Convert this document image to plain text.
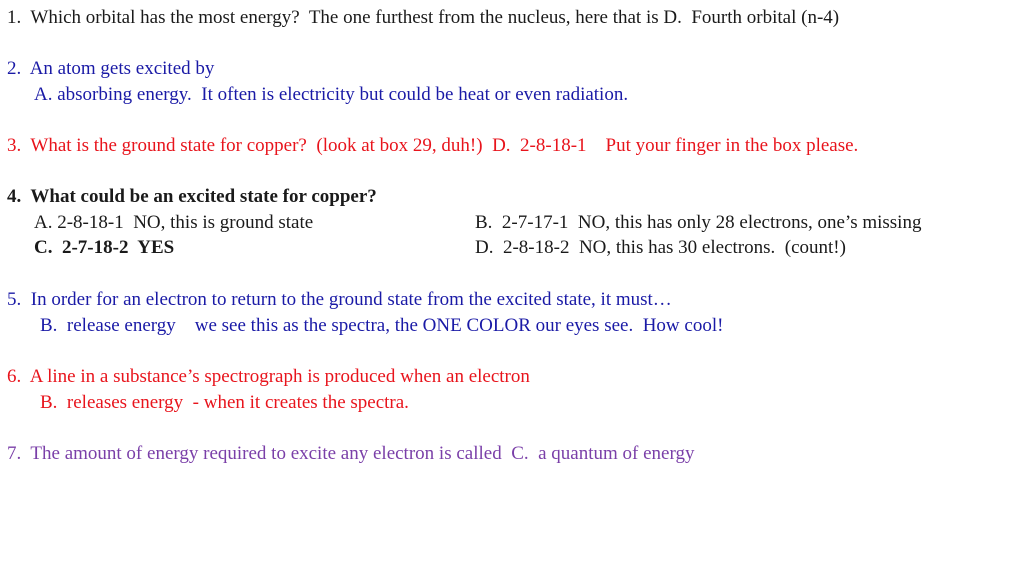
1.  Which orbital has the most energy?  The one furthest from the nucleus, here that is D.  Fourth orbital (n-4)
2.  An atom gets excited by
A. absorbing energy.  It often is electricity but could be heat or even radiation.
3.  What is the ground state for copper?  (look at box 29, duh!)  D.  2-8-18-1    Put your finger in the box please.
4.  What could be an excited state for copper?
A. 2-8-18-1  NO, this is ground state	B.  2-7-17-1  NO, this has only 28 electrons, one’s missing
C.  2-7-18-2  YES	D.  2-8-18-2  NO, this has 30 electrons.  (count!)
5.  In order for an electron to return to the ground state from the excited state, it must…
B.  release energy    we see this as the spectra, the ONE COLOR our eyes see.  How cool!
6.  A line in a substance’s spectrograph is produced when an electron
B.  releases energy  - when it creates the spectra.
7.  The amount of energy required to excite any electron is called  C.  a quantum of energy
